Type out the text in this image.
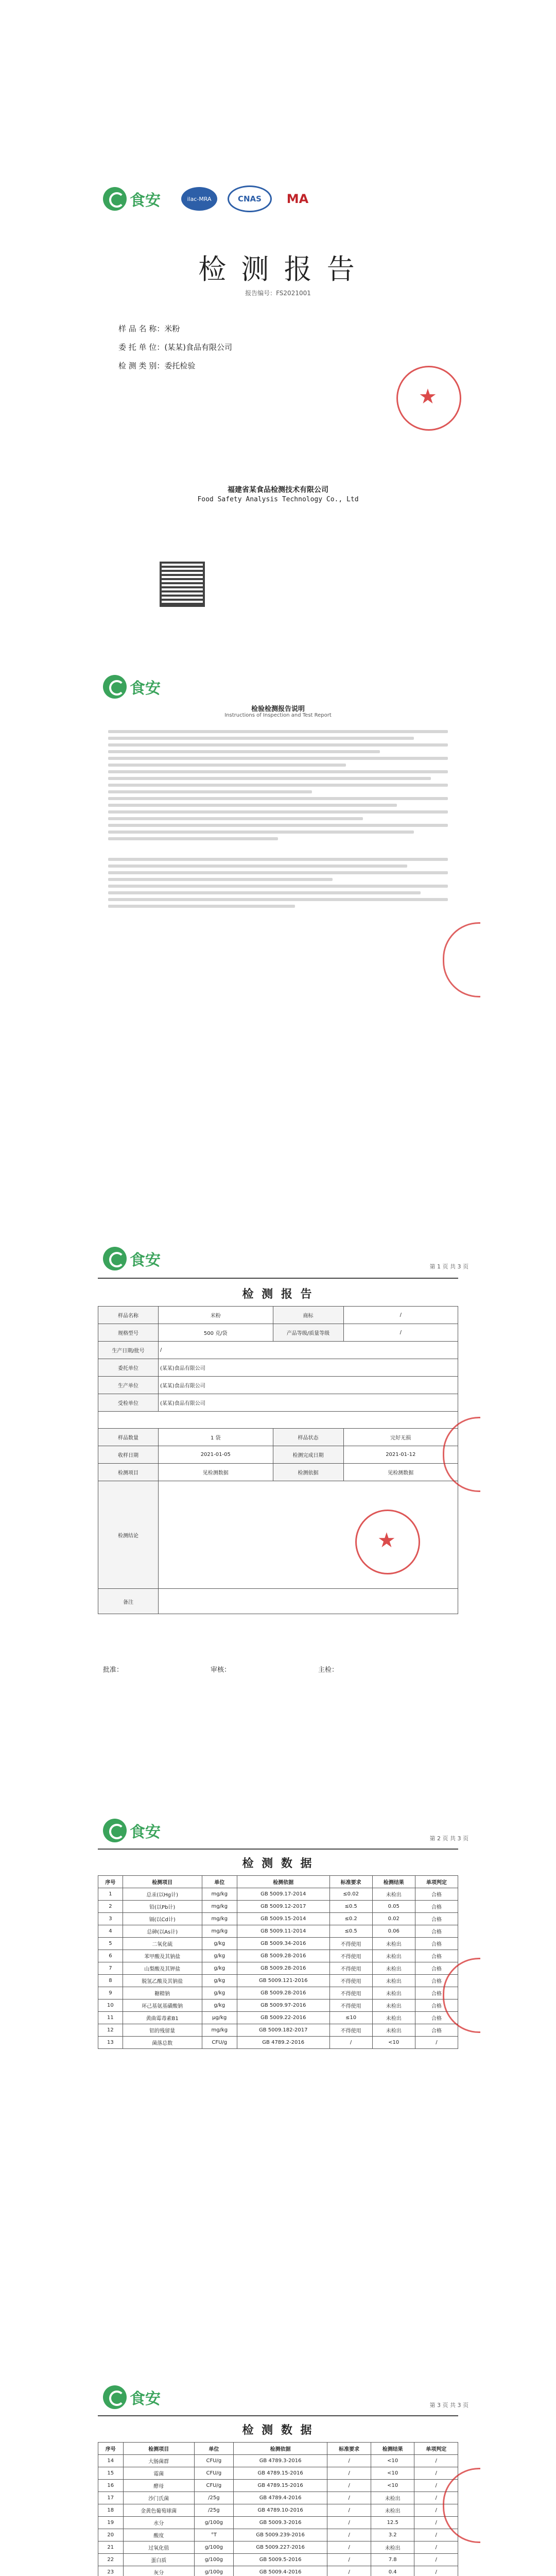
食安	ilac-MRA	CNAS	MA
检 测 报 告
报告编号：FS2021001
样 品 名 称：米粉
委 托 单 位：(某某)食品有限公司
检 测 类 别：委托检验
★
福建省某食品检测技术有限公司
Food Safety Analysis Technology Co., Ltd
食安
检验检测报告说明
Instructions of Inspection and Test Report
食安	第 1 页 共 3 页
检 测 报 告
样品名称	米粉	商标	/
规格型号	500 克/袋	产品等级/质量等级	/
生产日期/批号	/		
委托单位	(某某)食品有限公司		
生产单位	(某某)食品有限公司		
受检单位	(某某)食品有限公司		

样品数量	1 袋	样品状态	完好无损
收样日期	2021-01-05	检测完成日期	2021-01-12
检测项目	见检测数据	检测依据	见检测数据
检测结论			
备注			
★
批准：	审核：	主检：
食安	第 2 页 共 3 页
检 测 数 据
序号	检测项目	单位	检测依据	标准要求	检测结果	单项判定
1	总汞(以Hg计)	mg/kg	GB 5009.17-2014	≤0.02	未检出	合格
2	铅(以Pb计)	mg/kg	GB 5009.12-2017	≤0.5	0.05	合格
3	镉(以Cd计)	mg/kg	GB 5009.15-2014	≤0.2	0.02	合格
4	总砷(以As计)	mg/kg	GB 5009.11-2014	≤0.5	0.06	合格
5	二氧化硫	g/kg	GB 5009.34-2016	不得使用	未检出	合格
6	苯甲酸及其钠盐	g/kg	GB 5009.28-2016	不得使用	未检出	合格
7	山梨酸及其钾盐	g/kg	GB 5009.28-2016	不得使用	未检出	合格
8	脱氢乙酸及其钠盐	g/kg	GB 5009.121-2016	不得使用	未检出	合格
9	糖精钠	g/kg	GB 5009.28-2016	不得使用	未检出	合格
10	环己基氨基磺酸钠	g/kg	GB 5009.97-2016	不得使用	未检出	合格
11	黄曲霉毒素B1	μg/kg	GB 5009.22-2016	≤10	未检出	合格
12	铝的残留量	mg/kg	GB 5009.182-2017	不得使用	未检出	合格
13	菌落总数	CFU/g	GB 4789.2-2016	/	<10	/
食安	第 3 页 共 3 页
检 测 数 据
序号	检测项目	单位	检测依据	标准要求	检测结果	单项判定
14	大肠菌群	CFU/g	GB 4789.3-2016	/	<10	/
15	霉菌	CFU/g	GB 4789.15-2016	/	<10	/
16	酵母	CFU/g	GB 4789.15-2016	/	<10	/
17	沙门氏菌	/25g	GB 4789.4-2016	/	未检出	/
18	金黄色葡萄球菌	/25g	GB 4789.10-2016	/	未检出	/
19	水分	g/100g	GB 5009.3-2016	/	12.5	/
20	酸度	°T	GB 5009.239-2016	/	3.2	/
21	过氧化值	g/100g	GB 5009.227-2016	/	未检出	/
22	蛋白质	g/100g	GB 5009.5-2016	/	7.8	/
23	灰分	g/100g	GB 5009.4-2016	/	0.4	/
